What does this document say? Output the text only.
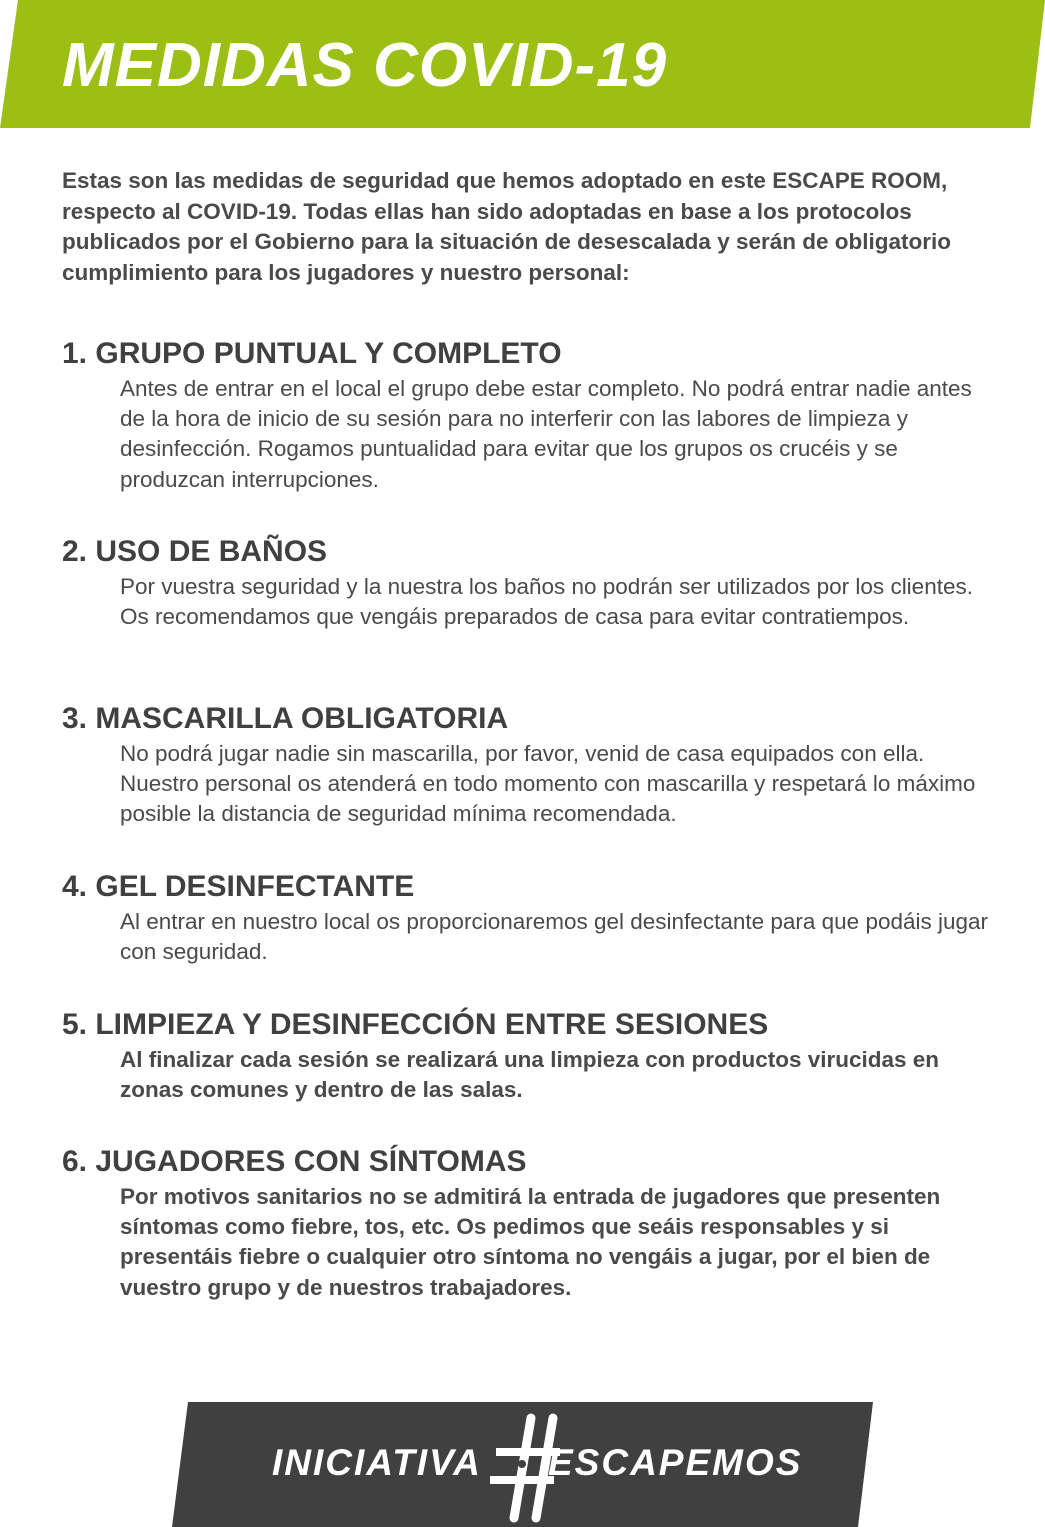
MEDIDAS COVID-19

Estas son las medidas de seguridad que hemos adoptado en este ESCAPE ROOM, respecto al COVID-19. Todas ellas han sido adoptadas en base a los protocolos publicados por el Gobierno para la situación de desescalada y serán de obligatorio cumplimiento para los jugadores y nuestro personal:

1. GRUPO PUNTUAL Y COMPLETO

Antes de entrar en el local el grupo debe estar completo. No podrá entrar nadie antes de la hora de inicio de su sesión para no interferir con las labores de limpieza y desinfección. Rogamos puntualidad para evitar que los grupos os crucéis y se produzcan interrupciones.

2. USO DE BAÑOS

Por vuestra seguridad y la nuestra los baños no podrán ser utilizados por los clientes. Os recomendamos que vengáis preparados de casa para evitar contratiempos.

3. MASCARILLA OBLIGATORIA

No podrá jugar nadie sin mascarilla, por favor, venid de casa equipados con ella. Nuestro personal os atenderá en todo momento con mascarilla y respetará lo máximo posible la distancia de seguridad mínima recomendada.

4. GEL DESINFECTANTE

Al entrar en nuestro local os proporcionaremos gel desinfectante para que podáis jugar con seguridad.

5. LIMPIEZA Y DESINFECCIÓN ENTRE SESIONES

Al finalizar cada sesión se realizará una limpieza con productos virucidas en zonas comunes y dentro de las salas.

6. JUGADORES CON SÍNTOMAS

Por motivos sanitarios no se admitirá la entrada de jugadores que presenten síntomas como fiebre, tos, etc. Os pedimos que seáis responsables y si presentáis fiebre o cualquier otro síntoma no vengáis a jugar, por el bien de vuestro grupo y de nuestros trabajadores.

INICIATIVA ESCAPEMOS
